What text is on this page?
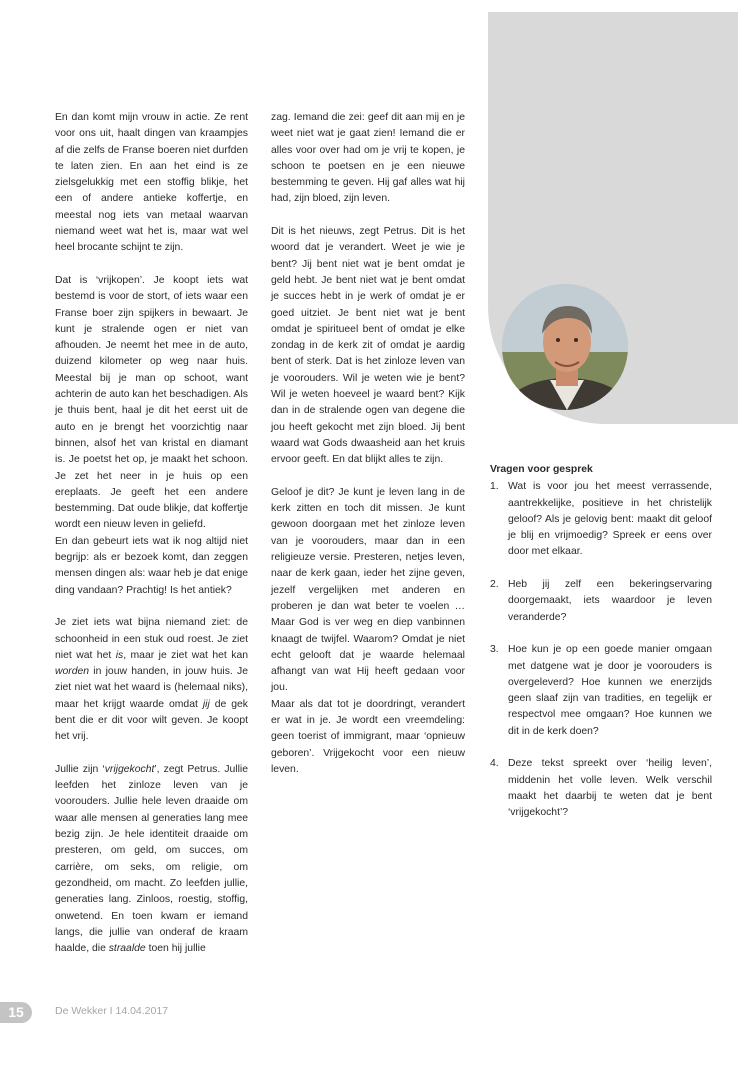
En dan komt mijn vrouw in actie. Ze rent voor ons uit, haalt dingen van kraampjes af die zelfs de Franse boeren niet durfden te laten zien. En aan het eind is ze zielsgelukkig met een stoffig blikje, het een of andere antieke koffertje, en meestal nog iets van metaal waarvan niemand weet wat het is, maar wat wel heel brocante schijnt te zijn.

Dat is ‘vrijkopen’. Je koopt iets wat bestemd is voor de stort, of iets waar een Franse boer zijn spijkers in bewaart. Je kunt je stralende ogen er niet van afhouden. Je neemt het mee in de auto, duizend kilometer op weg naar huis. Meestal bij je man op schoot, want achterin de auto kan het beschadigen. Als je thuis bent, haal je dit het eerst uit de auto en je brengt het voorzichtig naar binnen, alsof het van kristal en diamant is. Je poetst het op, je maakt het schoon. Je zet het neer in je huis op een ereplaats. Je geeft het een andere bestemming. Dat oude blikje, dat koffertje wordt een nieuw leven in geliefd.

En dan gebeurt iets wat ik nog altijd niet begrijp: als er bezoek komt, dan zeggen mensen dingen als: waar heb je dat enige ding vandaan? Prachtig! Is het antiek?

Je ziet iets wat bijna niemand ziet: de schoonheid in een stuk oud roest. Je ziet niet wat het is, maar je ziet wat het kan worden in jouw handen, in jouw huis. Je ziet niet wat het waard is (helemaal niks), maar het krijgt waarde omdat jij de gek bent die er dit voor wilt geven. Je koopt het vrij.

Jullie zijn ‘vrijgekocht’, zegt Petrus. Jullie leefden het zinloze leven van je voorouders. Jullie hele leven draaide om waar alle mensen al generaties lang mee bezig zijn. Je hele identiteit draaide om presteren, om geld, om succes, om carrière, om seks, om religie, om gezondheid, om macht. Zo leefden jullie, generaties lang. Zinloos, roestig, stoffig, onwetend. En toen kwam er iemand langs, die jullie van onderaf de kraam haalde, die straalde toen hij jullie

zag. Iemand die zei: geef dit aan mij en je weet niet wat je gaat zien! Iemand die er alles voor over had om je vrij te kopen, je schoon te poetsen en je een nieuwe bestemming te geven. Hij gaf alles wat hij had, zijn bloed, zijn leven.

Dit is het nieuws, zegt Petrus. Dit is het woord dat je verandert. Weet je wie je bent? Jij bent niet wat je bent omdat je geld hebt. Je bent niet wat je bent omdat je succes hebt in je werk of omdat je er goed uitziet. Je bent niet wat je bent omdat je spiritueel bent of omdat je elke zondag in de kerk zit of omdat je aardig bent of sterk. Dat is het zinloze leven van je voorouders. Wil je weten wie je bent? Wil je weten hoeveel je waard bent? Kijk dan in de stralende ogen van degene die jou heeft gekocht met zijn bloed. Jij bent waard wat Gods dwaasheid aan het kruis ervoor geeft. En dat blijkt alles te zijn.

Geloof je dit? Je kunt je leven lang in de kerk zitten en toch dit missen. Je kunt gewoon doorgaan met het zinloze leven van je voorouders, maar dan in een religieuze versie. Presteren, netjes leven, naar de kerk gaan, ieder het zijne geven, jezelf vergelijken met anderen en proberen je dan wat beter te voelen … Maar God is ver weg en diep vanbinnen knaagt de twijfel. Waarom? Omdat je niet echt gelooft dat je waarde helemaal afhangt van wat Hij heeft gedaan voor jou.

Maar als dat tot je doordringt, verandert er wat in je. Je wordt een vreemdeling: geen toerist of immigrant, maar ‘opnieuw geboren’. Vrijgekocht voor een nieuw leven.

Vragen voor gesprek
1. Wat is voor jou het meest verrassende, aantrekkelijke, positieve in het christelijk geloof? Als je gelovig bent: maakt dit geloof je blij en vrijmoedig? Spreek er eens over door met elkaar.
2. Heb jij zelf een bekeringservaring doorgemaakt, iets waardoor je leven veranderde?
3. Hoe kun je op een goede manier omgaan met datgene wat je door je voorouders is overgeleverd? Hoe kunnen we enerzijds geen slaaf zijn van tradities, en tegelijk er respectvol mee omgaan? Hoe kunnen we dit in de kerk doen?
4. Deze tekst spreekt over ‘heilig leven’, middenin het volle leven. Welk verschil maakt het daarbij te weten dat je bent ‘vrijgekocht’?
15	De Wekker I 14.04.2017
